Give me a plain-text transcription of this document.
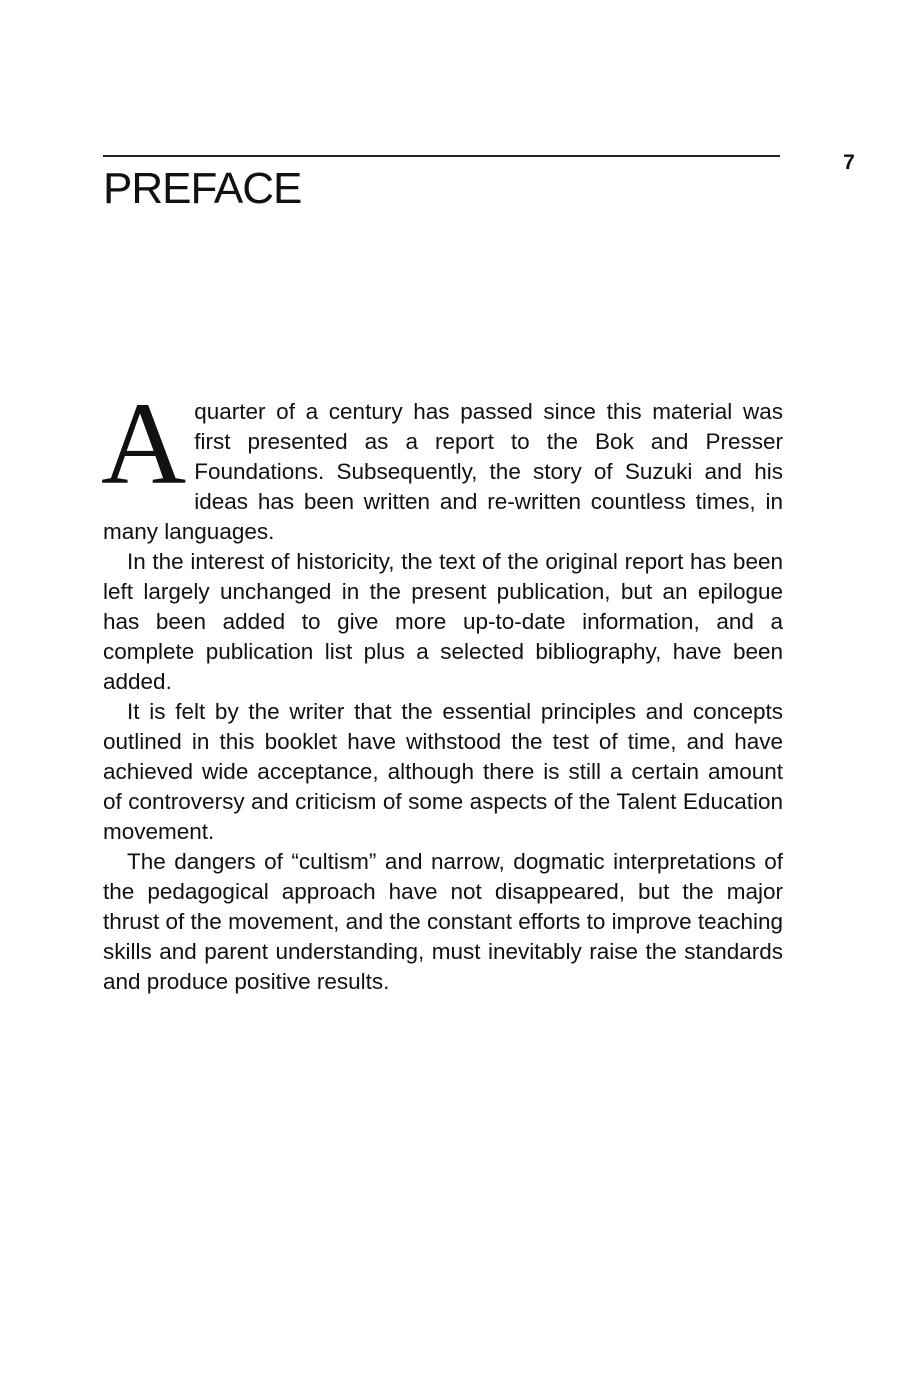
7
PREFACE

Aquarter of a century has passed since this material was first presented as a report to the Bok and Presser Foundations. Subsequently, the story of Suzuki and his ideas has been written and re-written countless times, in many languages.

In the interest of historicity, the text of the original report has been left largely unchanged in the present publication, but an epilogue has been added to give more up-to-date information, and a complete publication list plus a selected bibliography, have been added.

It is felt by the writer that the essential principles and concepts outlined in this booklet have withstood the test of time, and have achieved wide acceptance, although there is still a certain amount of controversy and criticism of some aspects of the Talent Education movement.

The dangers of “cultism” and narrow, dogmatic interpretations of the pedagogical approach have not disappeared, but the major thrust of the movement, and the constant efforts to improve teaching skills and parent understanding, must inevitably raise the standards and produce positive results.
